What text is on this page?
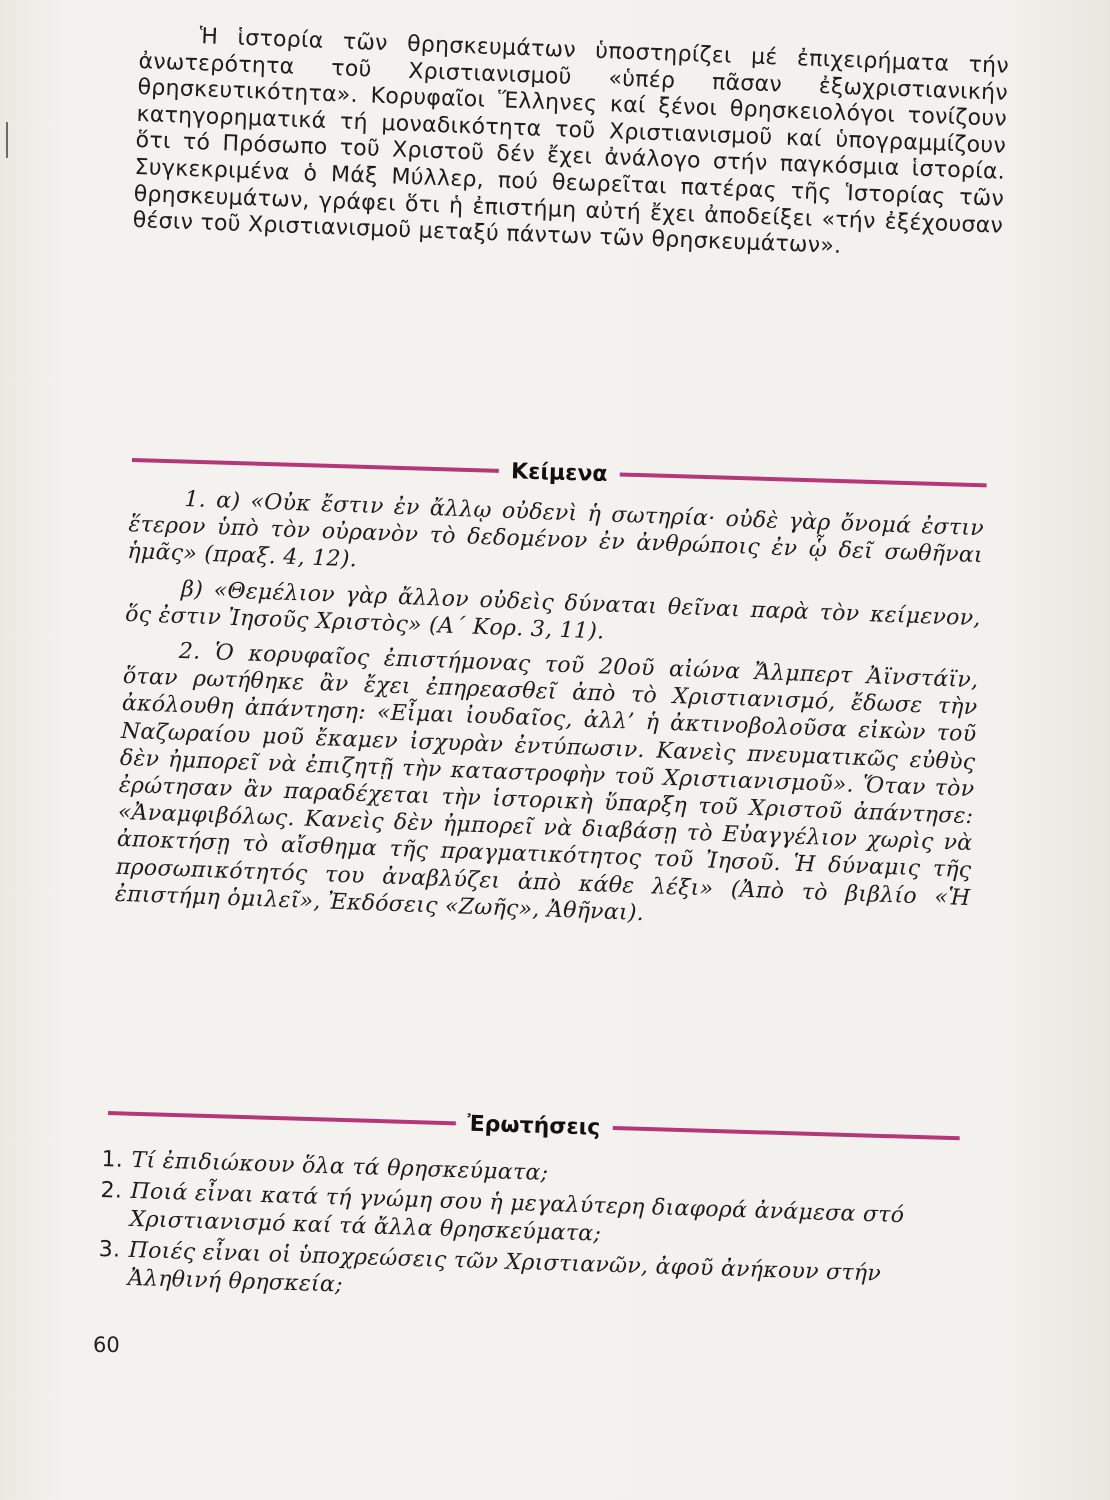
Ἡ ἱστορία τῶν θρησκευμάτων ὑποστηρίζει μέ ἐπιχειρήματα τήν ἀνωτερότητα τοῦ Χριστιανισμοῦ «ὑπέρ πᾶσαν ἐξωχριστιανικήν θρησκευτικότητα». Κορυφαῖοι Ἕλληνες καί ξένοι θρησκειολόγοι τονίζουν κατηγορηματικά τή μοναδικότητα τοῦ Χριστιανισμοῦ καί ὑπογραμμίζουν ὅτι τό Πρόσωπο τοῦ Χριστοῦ δέν ἔχει ἀνάλογο στήν παγκόσμια ἱστορία. Συγκεκριμένα ὁ Μάξ Μύλλερ, πού θεωρεῖται πατέρας τῆς Ἱστορίας τῶν θρησκευμάτων, γράφει ὅτι ἡ ἐπιστήμη αὐτή ἔχει ἀποδείξει «τήν ἐξέχουσαν θέσιν τοῦ Χριστιανισμοῦ μεταξύ πάντων τῶν θρησκευμάτων».

Κείμενα

1. α) «Οὐκ ἔστιν ἐν ἄλλῳ οὐδενὶ ἡ σωτηρία· οὐδὲ γὰρ ὄνομά ἐστιν ἕτερον ὑπὸ τὸν οὐρανὸν τὸ δεδομένον ἐν ἀνθρώποις ἐν ᾧ δεῖ σωθῆναι ἡμᾶς» (πραξ. 4, 12).

β) «Θεμέλιον γὰρ ἄλλον οὐδεὶς δύναται θεῖναι παρὰ τὸν κείμενον, ὅς ἐστιν Ἰησοῦς Χριστὸς» (Α΄ Κορ. 3, 11).

2. Ὁ κορυφαῖος ἐπιστήμονας τοῦ 20οῦ αἰώνα Ἄλμπερτ Ἀϊνστάϊν, ὅταν ρωτήθηκε ἂν ἔχει ἐπηρεασθεῖ ἀπὸ τὸ Χριστιανισμό, ἔδωσε τὴν ἀκόλουθη ἀπάντηση: «Εἶμαι ἰουδαῖος, ἀλλ’ ἡ ἀκτινοβολοῦσα εἰκὼν τοῦ Ναζωραίου μοῦ ἔκαμεν ἰσχυρὰν ἐντύπωσιν. Κανεὶς πνευματικῶς εὐθὺς δὲν ἠμπορεῖ νὰ ἐπιζητῇ τὴν καταστροφὴν τοῦ Χριστιανισμοῦ». Ὅταν τὸν ἐρώτησαν ἂν παραδέχεται τὴν ἱστορικὴ ὕπαρξη τοῦ Χριστοῦ ἀπάντησε: «Ἀναμφιβόλως. Κανεὶς δὲν ἠμπορεῖ νὰ διαβάσῃ τὸ Εὐαγγέλιον χωρὶς νὰ ἀποκτήσῃ τὸ αἴσθημα τῆς πραγματικότητος τοῦ Ἰησοῦ. Ἡ δύναμις τῆς προσωπικότητός του ἀναβλύζει ἀπὸ κάθε λέξι» (Ἀπὸ τὸ βιβλίο «Ἡ ἐπιστήμη ὁμιλεῖ», Ἐκδόσεις «Ζωῆς», Ἀθῆναι).

Ἐρωτήσεις
1. Τί ἐπιδιώκουν ὅλα τά θρησκεύματα;
2. Ποιά εἶναι κατά τή γνώμη σου ἡ μεγαλύτερη διαφορά ἀνάμεσα στό Χριστιανισμό καί τά ἄλλα θρησκεύματα;
3. Ποιές εἶναι οἱ ὑποχρεώσεις τῶν Χριστιανῶν, ἀφοῦ ἀνήκουν στήν Ἀληθινή θρησκεία;
60
